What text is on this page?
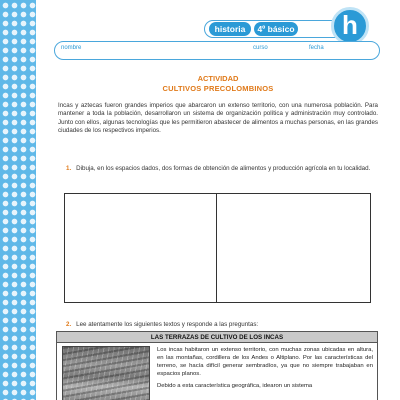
historia	4º básico	h
nombre	curso	fecha
ACTIVIDAD
CULTIVOS PRECOLOMBINOS
Incas y aztecas fueron grandes imperios que abarcaron un extenso territorio, con una numerosa población. Para mantener a toda la población, desarrollaron un sistema de organización política y administración muy controlado. Junto con ellos, algunas tecnologías que les permitieron abastecer de alimentos a muchas personas, en las grandes ciudades de los respectivos imperios.
1. Dibuja, en los espacios dados, dos formas de obtención de alimentos y producción agrícola en tu localidad.
2. Lee atentamente los siguientes textos y responde a las preguntas:
LAS TERRAZAS DE CULTIVO DE LOS INCAS

Los incas habitaron un extenso territorio, con muchas zonas ubicadas en altura, en las montañas, cordillera de los Andes o Altiplano. Por las características del terreno, se hacía difícil generar sembradíos, ya que no siempre trabajaban en espacios planos.

Debido a esta característica geográfica, idearon un sistema
